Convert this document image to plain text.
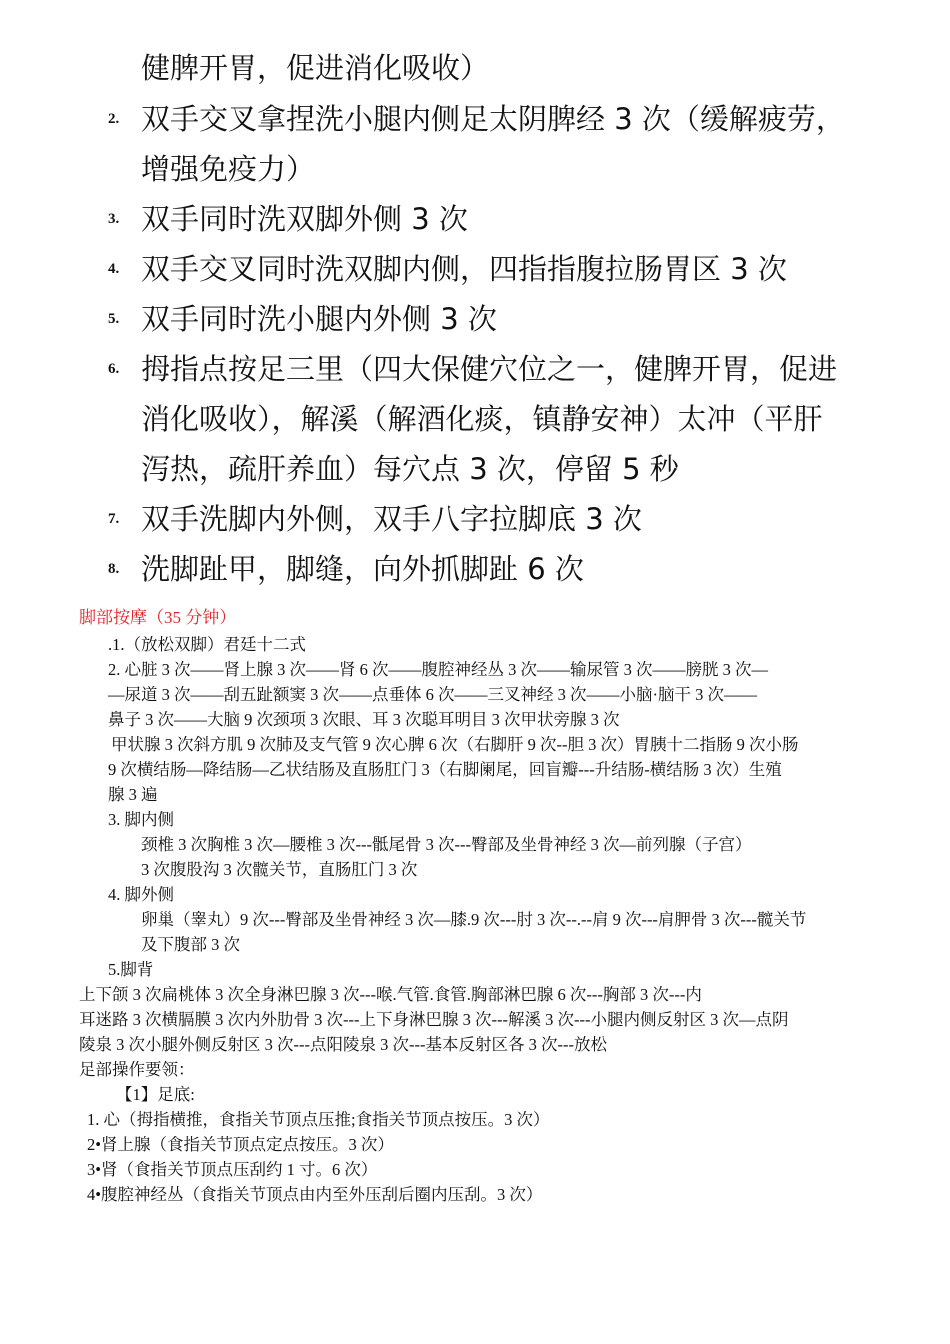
健脾开胃，促进消化吸收）
2. 双手交叉拿捏洗小腿内侧足太阴脾经 3 次（缓解疲劳，
增强免疫力）
3. 双手同时洗双脚外侧 3 次
4. 双手交叉同时洗双脚内侧，四指指腹拉肠胃区 3 次
5. 双手同时洗小腿内外侧 3 次
6. 拇指点按足三里（四大保健穴位之一，健脾开胃，促进
消化吸收），解溪（解酒化痰，镇静安神）太冲（平肝
泻热，疏肝养血）每穴点 3 次，停留 5 秒
7. 双手洗脚内外侧，双手八字拉脚底 3 次
8. 洗脚趾甲，脚缝，向外抓脚趾 6 次
脚部按摩（35 分钟）
.1.（放松双脚）君廷十二式
2. 心脏 3 次——肾上腺 3 次——肾 6 次——腹腔神经丛 3 次——输尿管 3 次——膀胱 3 次—
—尿道 3 次——刮五趾额窦 3 次——点垂体 6 次——三叉神经 3 次——小脑·脑干 3 次——
鼻子 3 次——大脑 9 次颈项 3 次眼、耳 3 次聪耳明目 3 次甲状旁腺 3 次
甲状腺 3 次斜方肌 9 次肺及支气管 9 次心脾 6 次（右脚肝 9 次--胆 3 次）胃胰十二指肠 9 次小肠
9 次横结肠—降结肠—乙状结肠及直肠肛门 3（右脚阑尾，回盲瓣---升结肠-横结肠 3 次）生殖
腺 3 遍
3. 脚内侧
颈椎 3 次胸椎 3 次—腰椎 3 次---骶尾骨 3 次---臀部及坐骨神经 3 次—前列腺（子宫）
3 次腹股沟 3 次髋关节，直肠肛门 3 次
4. 脚外侧
卵巢（睾丸）9 次---臀部及坐骨神经 3 次—膝.9 次---肘 3 次--.--肩 9 次---肩胛骨 3 次---髋关节
及下腹部 3 次
5.脚背
上下颌 3 次扁桃体 3 次全身淋巴腺 3 次---喉.气管.食管.胸部淋巴腺 6 次---胸部 3 次---内
耳迷路 3 次横膈膜 3 次内外肋骨 3 次---上下身淋巴腺 3 次---解溪 3 次---小腿内侧反射区 3 次—点阴
陵泉 3 次小腿外侧反射区 3 次---点阳陵泉 3 次---基本反射区各 3 次---放松
足部操作要领：
【1】足底:
1. 心（拇指横推，食指关节顶点压推;食指关节顶点按压。3 次）
2•肾上腺（食指关节顶点定点按压。3 次）
3•肾（食指关节顶点压刮约 1 寸。6 次）
4•腹腔神经丛（食指关节顶点由内至外压刮后圈内压刮。3 次）
